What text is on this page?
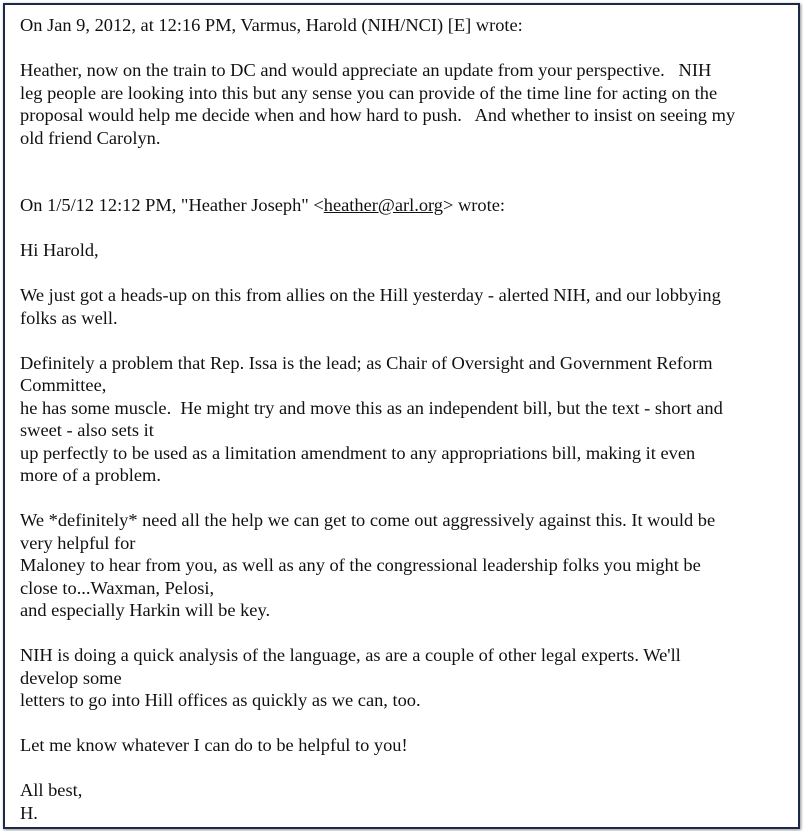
On Jan 9, 2012, at 12:16 PM, Varmus, Harold (NIH/NCI) [E] wrote:

Heather, now on the train to DC and would appreciate an update from your perspective.   NIH
leg people are looking into this but any sense you can provide of the time line for acting on the
proposal would help me decide when and how hard to push.   And whether to insist on seeing my
old friend Carolyn.

On 1/5/12 12:12 PM, "Heather Joseph" <heather@arl.org> wrote:

Hi Harold,

We just got a heads-up on this from allies on the Hill yesterday - alerted NIH, and our lobbying
folks as well.

Definitely a problem that Rep. Issa is the lead; as Chair of Oversight and Government Reform
Committee,
he has some muscle.  He might try and move this as an independent bill, but the text - short and
sweet - also sets it
up perfectly to be used as a limitation amendment to any appropriations bill, making it even
more of a problem.

We *definitely* need all the help we can get to come out aggressively against this. It would be
very helpful for
Maloney to hear from you, as well as any of the congressional leadership folks you might be
close to...Waxman, Pelosi,
and especially Harkin will be key.

NIH is doing a quick analysis of the language, as are a couple of other legal experts. We'll
develop some
letters to go into Hill offices as quickly as we can, too.

Let me know whatever I can do to be helpful to you!

All best,
H.
